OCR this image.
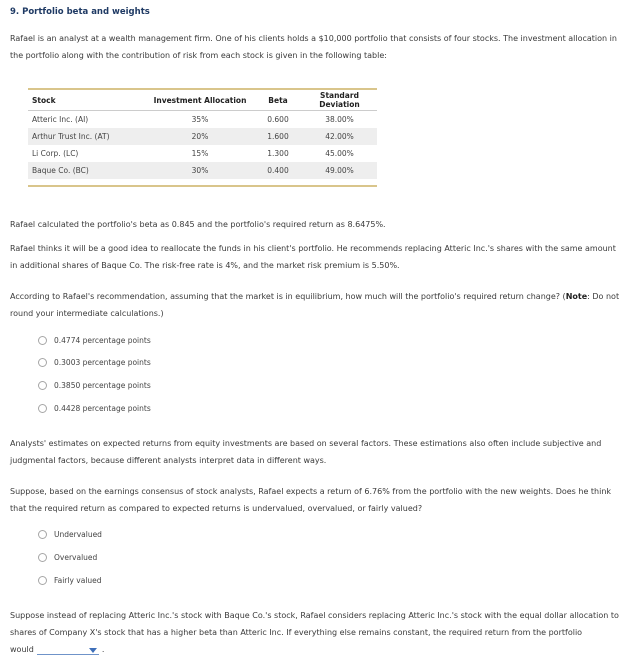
9. Portfolio beta and weights

Rafael is an analyst at a wealth management firm. One of his clients holds a $10,000 portfolio that consists of four stocks. The investment allocation in the portfolio along with the contribution of risk from each stock is given in the following table:

Stock	Investment Allocation	Beta	Standard Deviation
Atteric Inc. (AI)	35%	0.600	38.00%
Arthur Trust Inc. (AT)	20%	1.600	42.00%
Li Corp. (LC)	15%	1.300	45.00%
Baque Co. (BC)	30%	0.400	49.00%

Rafael calculated the portfolio's beta as 0.845 and the portfolio's required return as 8.6475%.

Rafael thinks it will be a good idea to reallocate the funds in his client's portfolio. He recommends replacing Atteric Inc.'s shares with the same amount in additional shares of Baque Co. The risk-free rate is 4%, and the market risk premium is 5.50%.

According to Rafael's recommendation, assuming that the market is in equilibrium, how much will the portfolio's required return change? (Note: Do not round your intermediate calculations.)

0.4774 percentage points
0.3003 percentage points
0.3850 percentage points
0.4428 percentage points

Analysts' estimates on expected returns from equity investments are based on several factors. These estimations also often include subjective and judgmental factors, because different analysts interpret data in different ways.

Suppose, based on the earnings consensus of stock analysts, Rafael expects a return of 6.76% from the portfolio with the new weights. Does he think that the required return as compared to expected returns is undervalued, overvalued, or fairly valued?

Undervalued
Overvalued
Fairly valued

Suppose instead of replacing Atteric Inc.'s stock with Baque Co.'s stock, Rafael considers replacing Atteric Inc.'s stock with the equal dollar allocation to shares of Company X's stock that has a higher beta than Atteric Inc. If everything else remains constant, the required return from the portfolio
would	.
